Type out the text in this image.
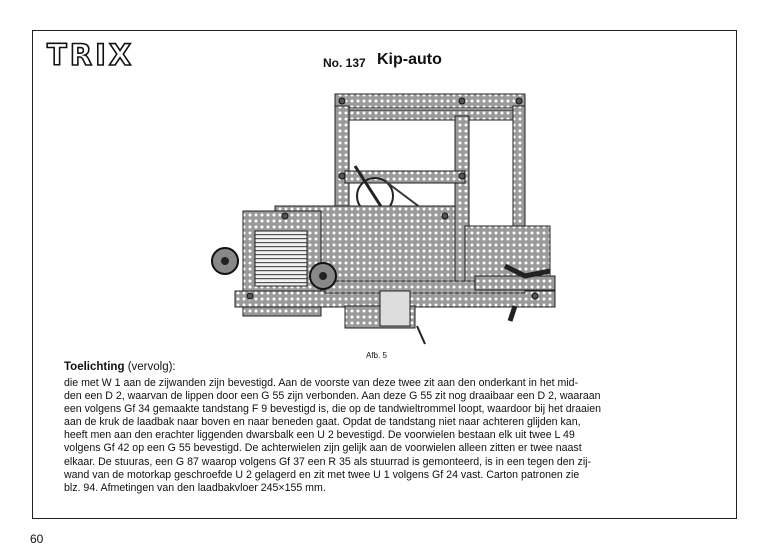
TRIX	No. 137 Kip-auto
Afb. 5
Toelichting (vervolg):
die met W 1 aan de zijwanden zijn bevestigd. Aan de voorste van deze twee zit aan den onderkant in het mid-
den een D 2, waarvan de lippen door een G 55 zijn verbonden. Aan deze G 55 zit nog draaibaar een D 2, waaraan
een volgens Gf 34 gemaakte tandstang F 9 bevestigd is, die op de tandwieltrommel loopt, waardoor bij het draaien
aan de kruk de laadbak naar boven en naar beneden gaat. Opdat de tandstang niet naar achteren glijden kan,
heeft men aan den erachter liggenden dwarsbalk een U 2 bevestigd. De voorwielen bestaan elk uit twee L 49
volgens Gf 42 op een G 55 bevestigd. De achterwielen zijn gelijk aan de voorwielen alleen zitten er twee naast
elkaar. De stuuras, een G 87 waarop volgens Gf 37 een R 35 als stuurrad is gemonteerd, is in een tegen den zij-
wand van de motorkap geschroefde U 2 gelagerd en zit met twee U 1 volgens Gf 24 vast. Carton patronen zie
blz. 94. Afmetingen van den laadbakvloer 245×155 mm.
60
